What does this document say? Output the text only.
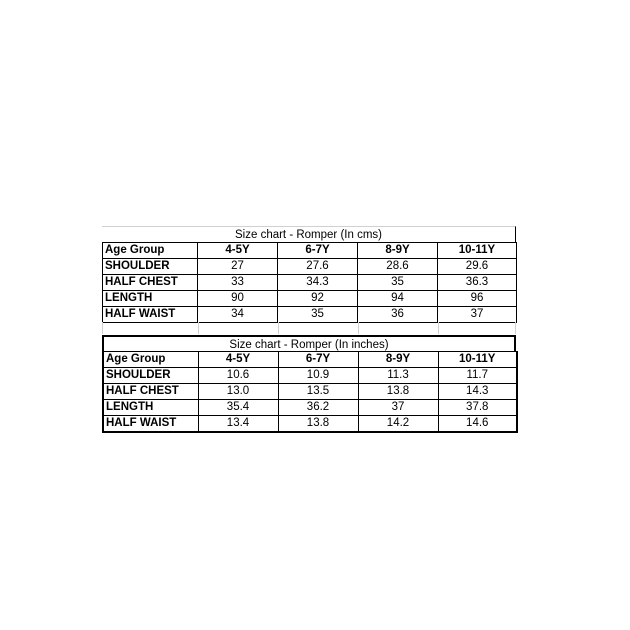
Size chart - Romper (In cms)
Age Group	4-5Y	6-7Y	8-9Y	10-11Y
SHOULDER	27	27.6	28.6	29.6
HALF CHEST	33	34.3	35	36.3
LENGTH	90	92	94	96
HALF WAIST	34	35	36	37
Size chart - Romper (In inches)
Age Group	4-5Y	6-7Y	8-9Y	10-11Y
SHOULDER	10.6	10.9	11.3	11.7
HALF CHEST	13.0	13.5	13.8	14.3
LENGTH	35.4	36.2	37	37.8
HALF WAIST	13.4	13.8	14.2	14.6
